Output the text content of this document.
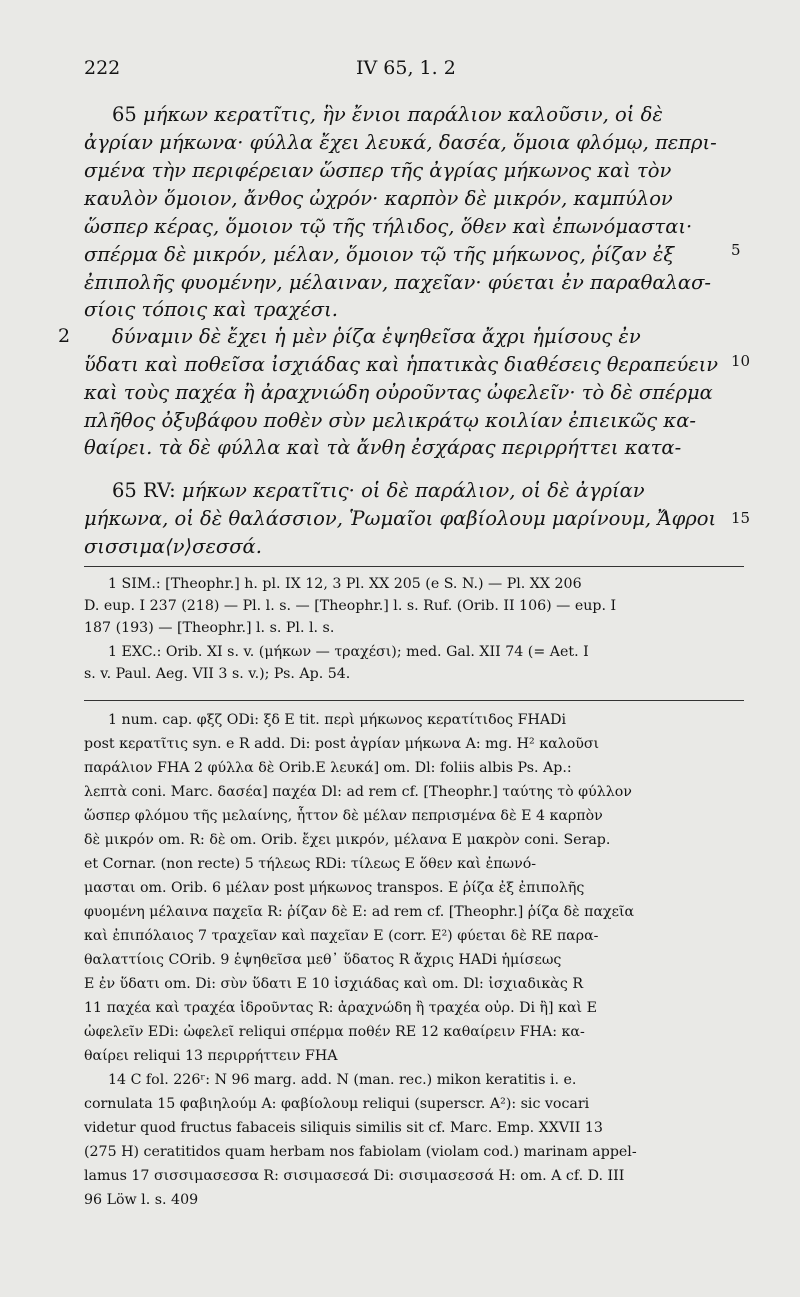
222	IV 65, 1. 2
65 μήκων κερατῖτις, ἣν ἔνιοι παράλιον καλοῦσιν, οἱ δὲ
ἀγρίαν μήκωνα· φύλλα ἔχει λευκά, δασέα, ὅμοια φλόμῳ, πεπρι-
σμένα τὴν περιφέρειαν ὥσπερ τῆς ἀγρίας μήκωνος καὶ τὸν
καυλὸν ὅμοιον, ἄνθος ὠχρόν· καρπὸν δὲ μικρόν, καμπύλον
ὥσπερ κέρας, ὅμοιον τῷ τῆς τήλιδος, ὅθεν καὶ ἐπωνόμασται·
σπέρμα δὲ μικρόν, μέλαν, ὅμοιον τῷ τῆς μήκωνος, ῥίζαν ἐξ
ἐπιπολῆς φυομένην, μέλαιναν, παχεῖαν· φύεται ἐν παραθαλασ-
σίοις τόποις καὶ τραχέσι.
2 δύναμιν δὲ ἔχει ἡ μὲν ῥίζα ἑψηθεῖσα ἄχρι ἡμίσους ἐν
ὕδατι καὶ ποθεῖσα ἰσχιάδας καὶ ἡπατικὰς διαθέσεις θεραπεύειν
καὶ τοὺς παχέα ἢ ἀραχνιώδη οὐροῦντας ὠφελεῖν· τὸ δὲ σπέρμα
πλῆθος ὀξυβάφου ποθὲν σὺν μελικράτῳ κοιλίαν ἐπιεικῶς κα-
θαίρει. τὰ δὲ φύλλα καὶ τὰ ἄνθη ἐσχάρας περιρρήττει κατα-
5
10
15
65 RV: μήκων κερατῖτις· οἱ δὲ παράλιον, οἱ δὲ ἀγρίαν
μήκωνα, οἱ δὲ θαλάσσιον, Ῥωμαῖοι φαβίολουμ μαρίνουμ, Ἄφροι
σισσιμα⟨ν⟩σεσσά.
1 SIM.: [Theophr.] h. pl. IX 12, 3 Pl. XX 205 (e S. N.) — Pl. XX 206
D. eup. I 237 (218) — Pl. l. s. — [Theophr.] l. s. Ruf. (Orib. II 106) — eup. I
187 (193) — [Theophr.] l. s. Pl. l. s.
1 EXC.: Orib. XI s. v. (μήκων — τραχέσι); med. Gal. XII 74 (= Aet. I
s. v. Paul. Aeg. VII 3 s. v.); Ps. Ap. 54.
1 num. cap. φξζ ODi: ξδ E tit. περὶ μήκωνος κερατίτιδος FHADi
post κερατῖτις syn. e R add. Di: post ἀγρίαν μήκωνα A: mg. H² καλοῦσι
παράλιον FHA 2 φύλλα δὲ Orib.E λευκά] om. Dl: foliis albis Ps. Ap.:
λεπτὰ coni. Marc. δασέα] παχέα Dl: ad rem cf. [Theophr.] ταύτης τὸ φύλλον
ὥσπερ φλόμου τῆς μελαίνης, ἧττον δὲ μέλαν πεπρισμένα δὲ E 4 καρπὸν
δὲ μικρόν om. R: δὲ om. Orib. ἔχει μικρόν, μέλανα E μακρὸν coni. Serap.
et Cornar. (non recte) 5 τήλεως RDi: τίλεως E ὅθεν καὶ ἐπωνό-
μασται om. Orib. 6 μέλαν post μήκωνος transpos. E ῥίζα ἐξ ἐπιπολῆς
φυομένη μέλαινα παχεῖα R: ῥίζαν δὲ E: ad rem cf. [Theophr.] ῥίζα δὲ παχεῖα
καὶ ἐπιπόλαιος 7 τραχεῖαν καὶ παχεῖαν E (corr. E²) φύεται δὲ RE παρα-
θαλαττίοις COrib. 9 ἑψηθεῖσα μεθ᾽ ὕδατος R ἄχρις HADi ἡμίσεως
E ἐν ὕδατι om. Di: σὺν ὕδατι E 10 ἰσχιάδας καὶ om. Dl: ἰσχιαδικὰς R
11 παχέα καὶ τραχέα ἱδροῦντας R: ἀραχνώδη ἢ τραχέα οὐρ. Di ἢ] καὶ E
ὠφελεῖν EDi: ὠφελεῖ reliqui σπέρμα ποθέν RE 12 καθαίρειν FHA: κα-
θαίρει reliqui 13 περιρρήττειν FHA
14 C fol. 226ʳ: N 96 marg. add. N (man. rec.) mikon keratitis i. e.
cornulata 15 φαβιηλούμ A: φαβίολουμ reliqui (superscr. A²): sic vocari
videtur quod fructus fabaceis siliquis similis sit cf. Marc. Emp. XXVII 13
(275 H) ceratitidos quam herbam nos fabiolam (violam cod.) marinam appel-
lamus 17 σισσιμασεσσα R: σισιμασεσά Di: σισιμασεσσά H: om. A cf. D. III
96 Löw l. s. 409
